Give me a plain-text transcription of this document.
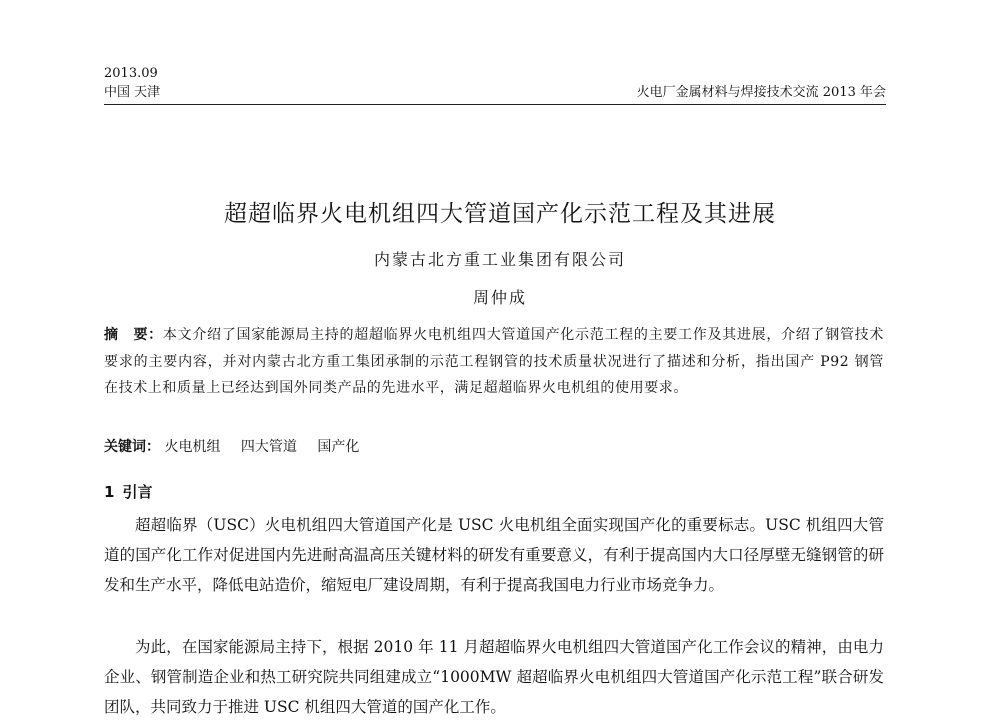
2013.09
中国 天津	火电厂金属材料与焊接技术交流 2013 年会
超超临界火电机组四大管道国产化示范工程及其进展
内蒙古北方重工业集团有限公司
周仲成
摘　要：本文介绍了国家能源局主持的超超临界火电机组四大管道国产化示范工程的主要工作及其进展，介绍了钢管技术要求的主要内容，并对内蒙古北方重工集团承制的示范工程钢管的技术质量状况进行了描述和分析，指出国产 P92 钢管在技术上和质量上已经达到国外同类产品的先进水平，满足超超临界火电机组的使用要求。
关键词： 火电机组 四大管道 国产化
1 引言
超超临界（USC）火电机组四大管道国产化是 USC 火电机组全面实现国产化的重要标志。USC 机组四大管道的国产化工作对促进国内先进耐高温高压关键材料的研发有重要意义，有利于提高国内大口径厚壁无缝钢管的研发和生产水平，降低电站造价，缩短电厂建设周期，有利于提高我国电力行业市场竞争力。
为此，在国家能源局主持下，根据 2010 年 11 月超超临界火电机组四大管道国产化工作会议的精神，由电力企业、钢管制造企业和热工研究院共同组建成立“1000MW 超超临界火电机组四大管道国产化示范工程”联合研发团队，共同致力于推进 USC 机组四大管道的国产化工作。
